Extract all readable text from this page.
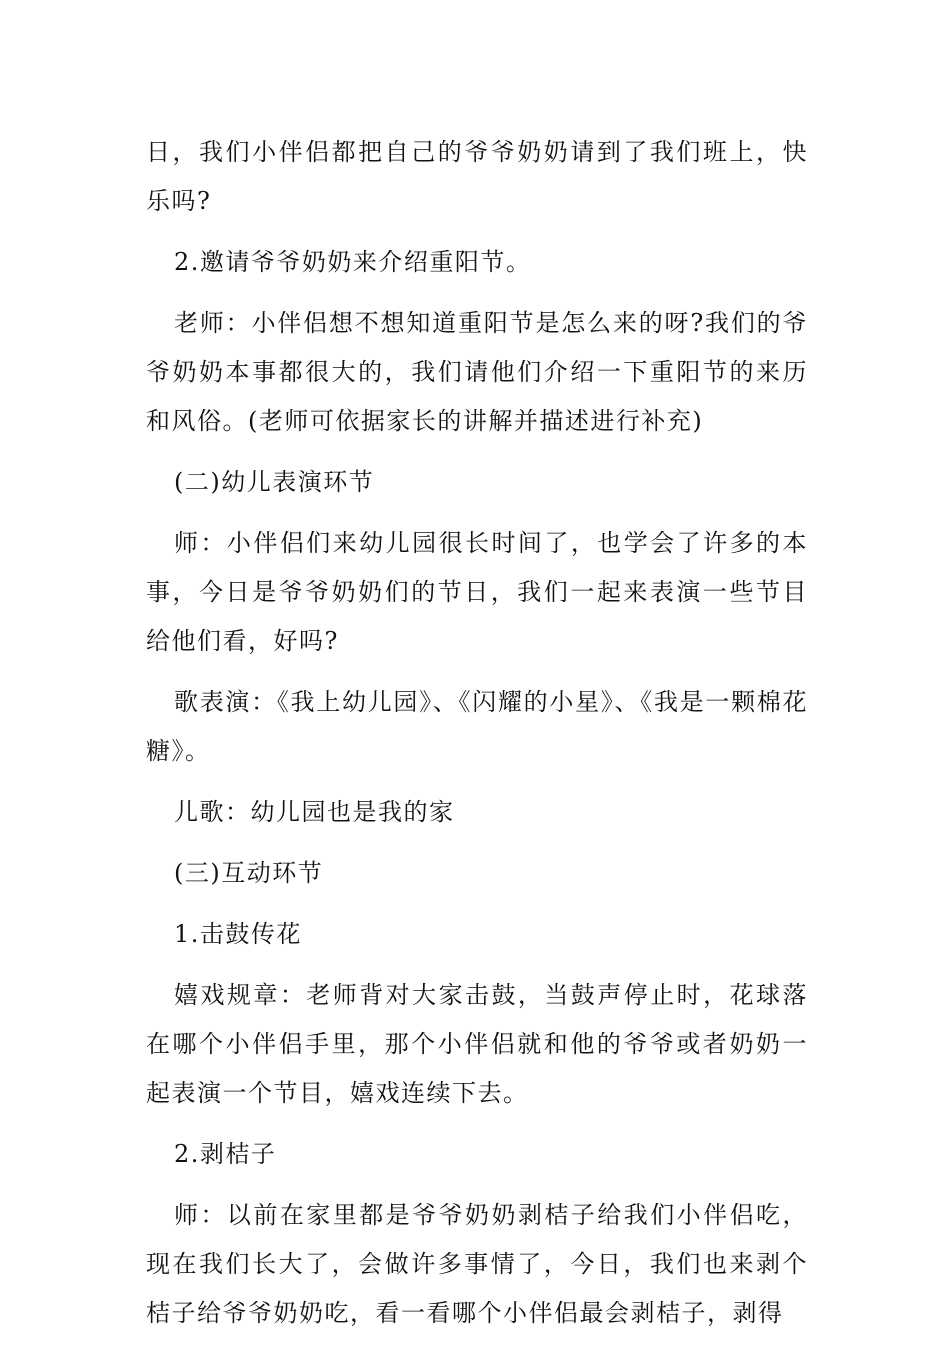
日，我们小伴侣都把自己的爷爷奶奶请到了我们班上，快乐吗?

2.邀请爷爷奶奶来介绍重阳节。

老师：小伴侣想不想知道重阳节是怎么来的呀?我们的爷爷奶奶本事都很大的，我们请他们介绍一下重阳节的来历和风俗。(老师可依据家长的讲解并描述进行补充)

(二)幼儿表演环节

师：小伴侣们来幼儿园很长时间了，也学会了许多的本事，今日是爷爷奶奶们的节日，我们一起来表演一些节目给他们看，好吗?

歌表演：《我上幼儿园》、《闪耀的小星》、《我是一颗棉花糖》。

儿歌：幼儿园也是我的家

(三)互动环节

1.击鼓传花

嬉戏规章：老师背对大家击鼓，当鼓声停止时，花球落在哪个小伴侣手里，那个小伴侣就和他的爷爷或者奶奶一起表演一个节目，嬉戏连续下去。

2.剥桔子

师：以前在家里都是爷爷奶奶剥桔子给我们小伴侣吃，现在我们长大了，会做许多事情了，今日，我们也来剥个桔子给爷爷奶奶吃，看一看哪个小伴侣最会剥桔子，剥得
